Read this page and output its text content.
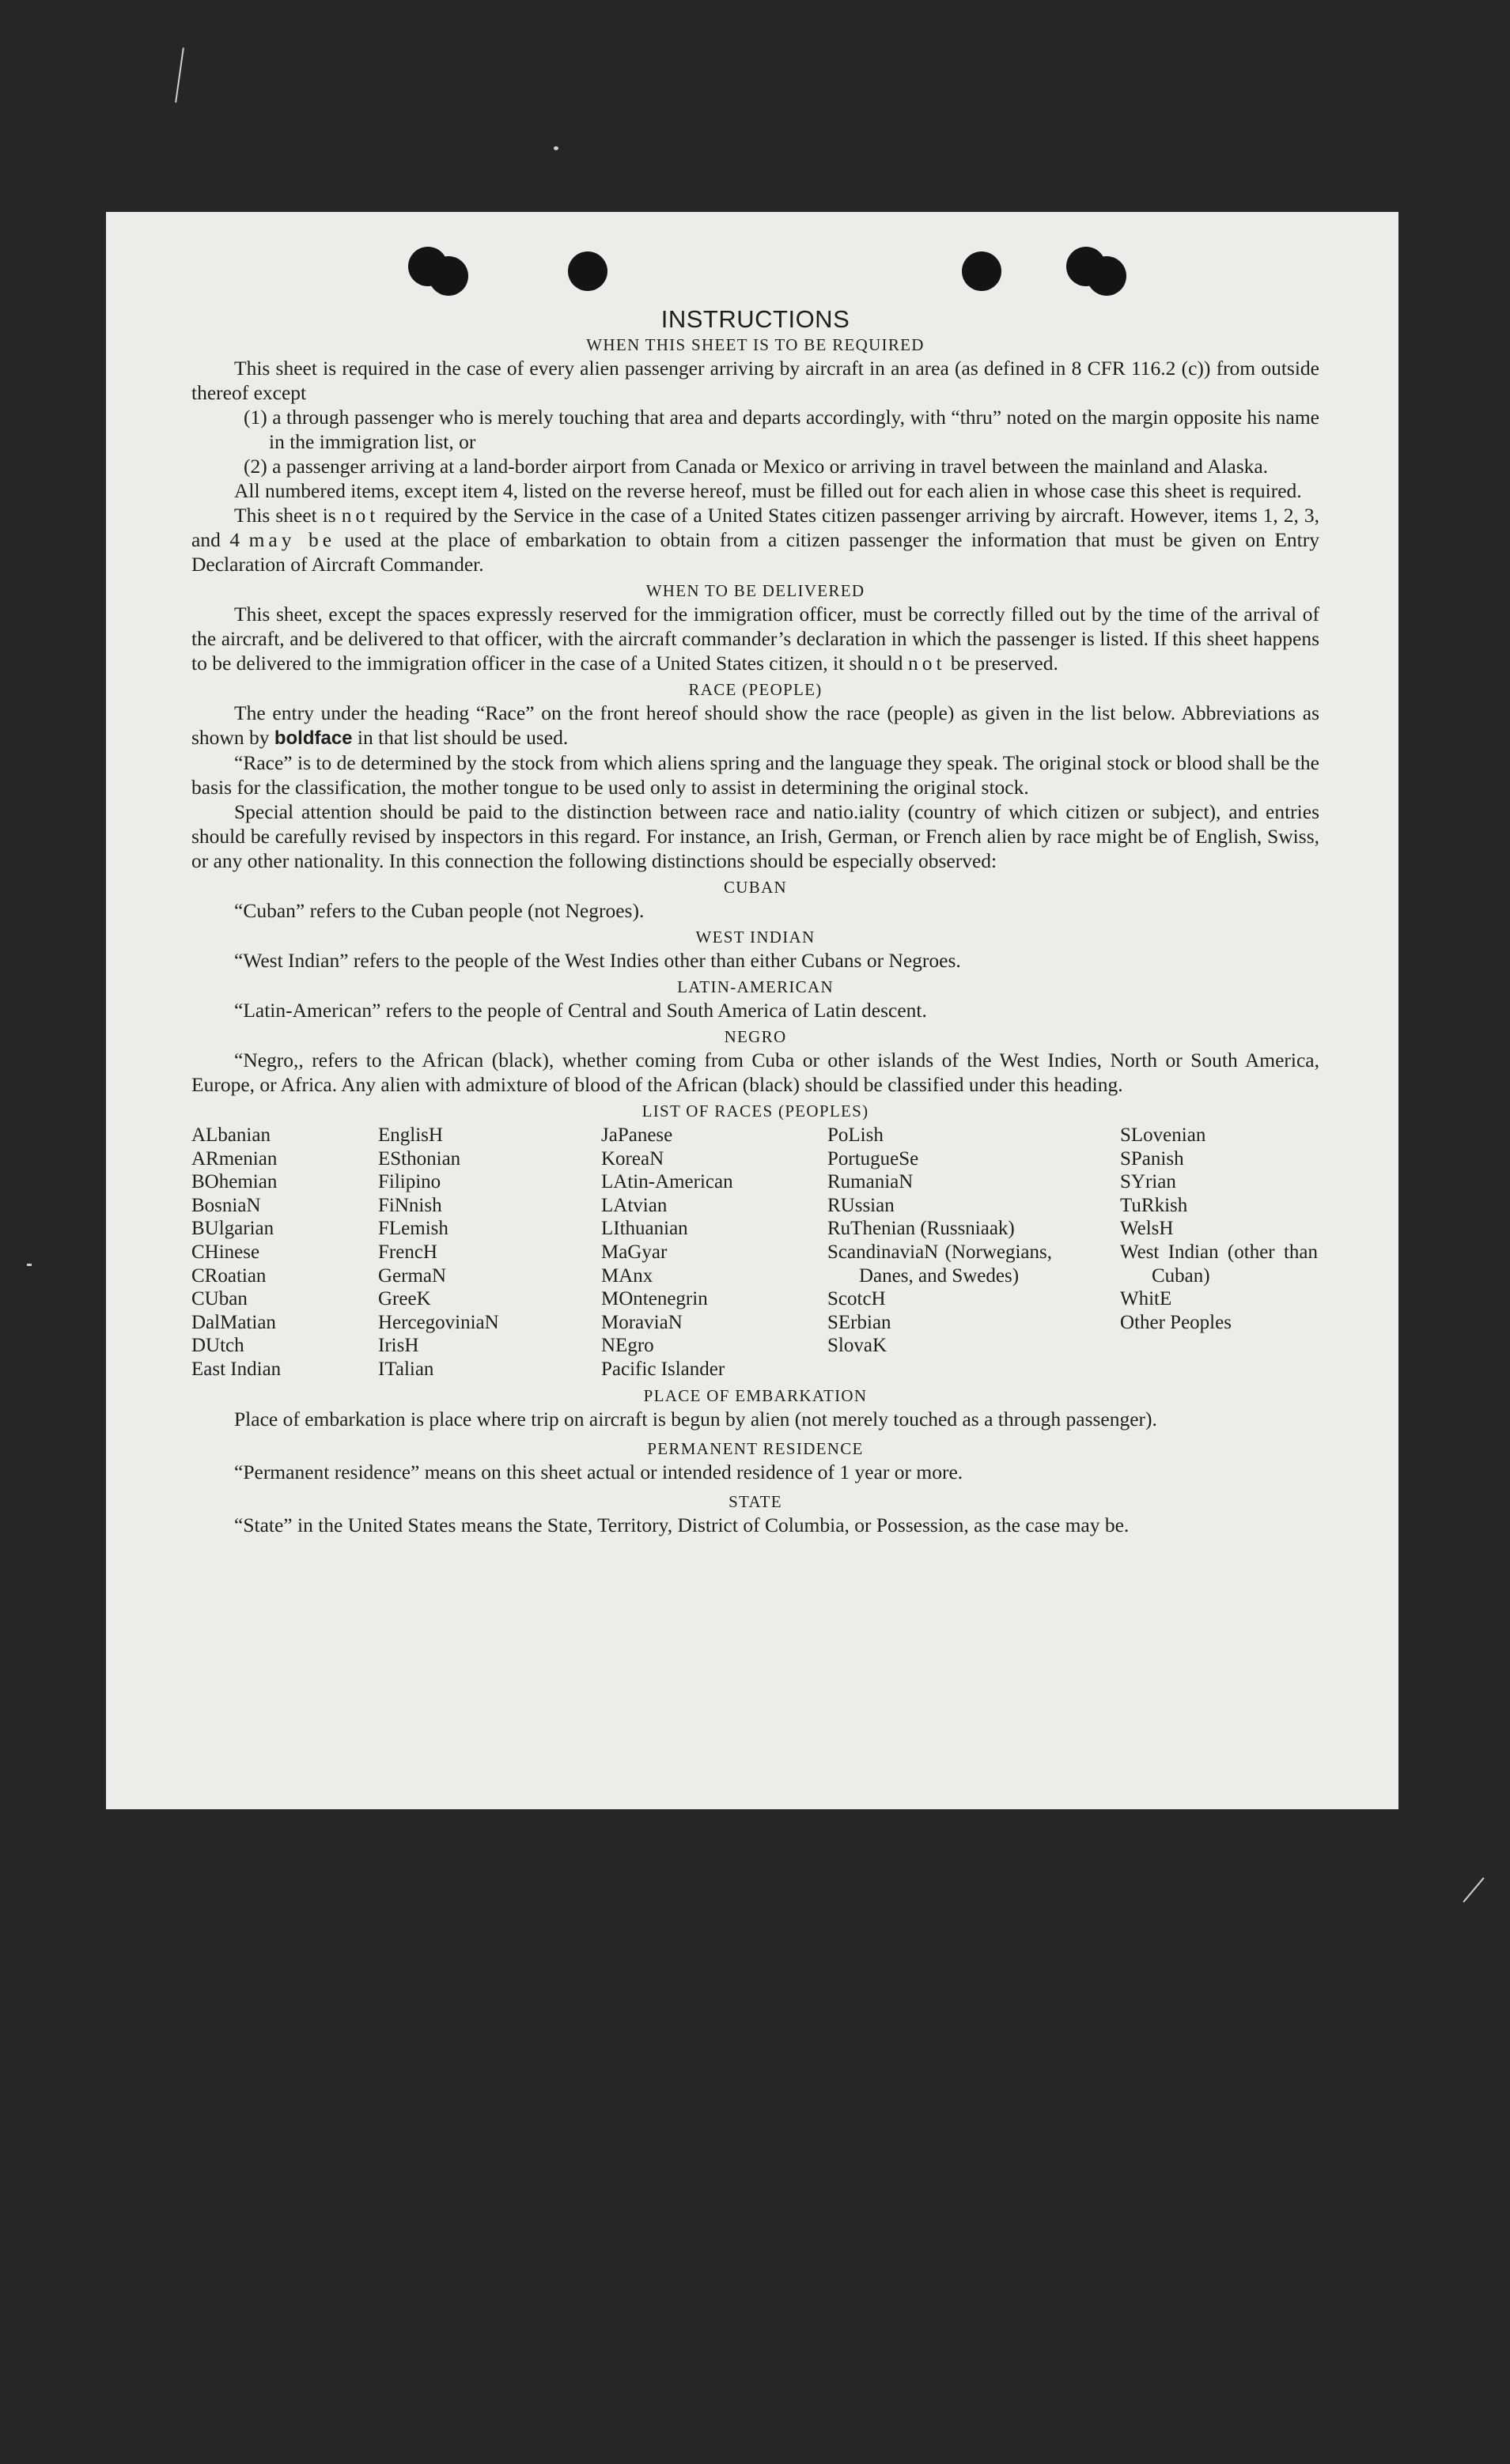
INSTRUCTIONS
WHEN THIS SHEET IS TO BE REQUIRED

This sheet is required in the case of every alien passenger arriving by aircraft in an area (as defined in 8 CFR 116.2 (c)) from outside thereof except

(1) a through passenger who is merely touching that area and departs accordingly, with “thru” noted on the margin opposite his name in the immigration list, or
(2) a passenger arriving at a land-border airport from Canada or Mexico or arriving in travel between the mainland and Alaska.

All numbered items, except item 4, listed on the reverse hereof, must be filled out for each alien in whose case this sheet is required.

This sheet is not required by the Service in the case of a United States citizen passenger arriving by aircraft. However, items 1, 2, 3, and 4 may be used at the place of embarkation to obtain from a citizen passenger the information that must be given on Entry Declaration of Aircraft Commander.

WHEN TO BE DELIVERED

This sheet, except the spaces expressly reserved for the immigration officer, must be correctly filled out by the time of the arrival of the aircraft, and be delivered to that officer, with the aircraft commander’s declaration in which the passenger is listed. If this sheet happens to be delivered to the immigration officer in the case of a United States citizen, it should not be preserved.

RACE (PEOPLE)

The entry under the heading “Race” on the front hereof should show the race (people) as given in the list below. Abbreviations as shown by boldface in that list should be used.

“Race” is to de determined by the stock from which aliens spring and the language they speak. The original stock or blood shall be the basis for the classification, the mother tongue to be used only to assist in determining the original stock.

Special attention should be paid to the distinction between race and natio.iality (country of which citizen or subject), and entries should be carefully revised by inspectors in this regard. For instance, an Irish, German, or French alien by race might be of English, Swiss, or any other nationality. In this connection the following distinctions should be especially observed:

CUBAN

“Cuban” refers to the Cuban people (not Negroes).

WEST INDIAN

“West Indian” refers to the people of the West Indies other than either Cubans or Negroes.

LATIN-AMERICAN

“Latin-American” refers to the people of Central and South America of Latin descent.

NEGRO

“Negro,, refers to the African (black), whether coming from Cuba or other islands of the West Indies, North or South America, Europe, or Africa. Any alien with admixture of blood of the African (black) should be classified under this heading.

LIST OF RACES (PEOPLES)
ALbanian
ARmenian
BOhemian
BosniaN
BUlgarian
CHinese
CRoatian
CUban
DalMatian
DUtch
East Indian
EnglisH
ESthonian
Filipino
FiNnish
FLemish
FrencH
GermaN
GreeK
HercegoviniaN
IrisH
ITalian
JaPanese
KoreaN
LAtin-American
LAtvian
LIthuanian
MaGyar
MAnx
MOntenegrin
MoraviaN
NEgro
Pacific Islander
PoLish
PortugueSe
RumaniaN
RUssian
RuThenian (Russniaak)
ScandinaviaN (Norwegians, Danes, and Swedes)
ScotcH
SErbian
SlovaK
SLovenian
SPanish
SYrian
TuRkish
WelsH
West Indian (other than Cuban)
WhitE
Other Peoples
PLACE OF EMBARKATION

Place of embarkation is place where trip on aircraft is begun by alien (not merely touched as a through passenger).

PERMANENT RESIDENCE

“Permanent residence” means on this sheet actual or intended residence of 1 year or more.

STATE

“State” in the United States means the State, Territory, District of Columbia, or Possession, as the case may be.
